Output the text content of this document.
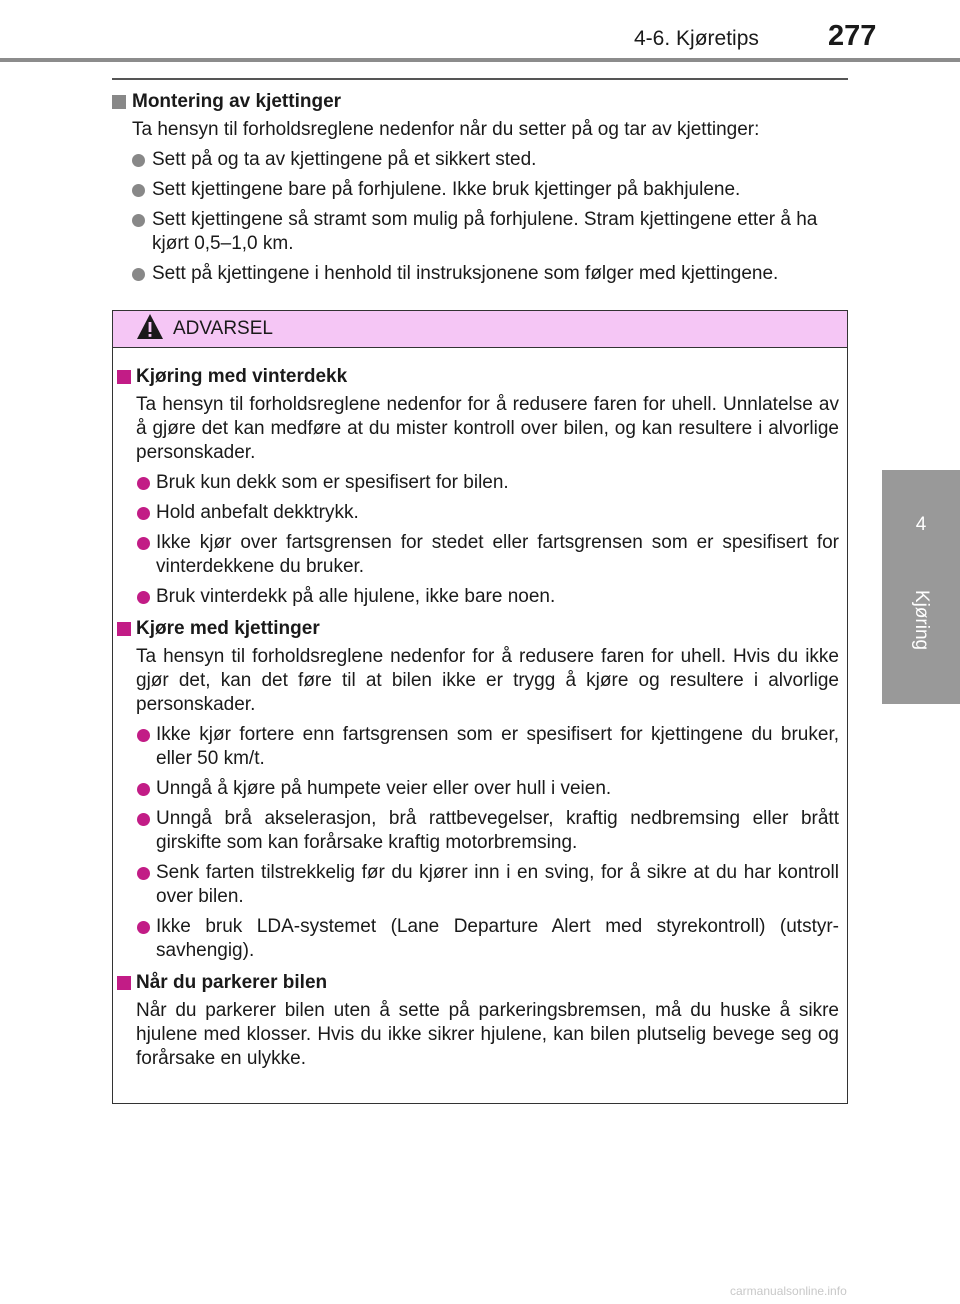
4-6. Kjøretips 277
4
Kjøring
Montering av kjettinger
Ta hensyn til forholdsreglene nedenfor når du setter på og tar av kjettinger:
Sett på og ta av kjettingene på et sikkert sted.
Sett kjettingene bare på forhjulene. Ikke bruk kjettinger på bakhjulene.
Sett kjettingene så stramt som mulig på forhjulene. Stram kjettingene etter å ha kjørt 0,5–1,0 km.
Sett på kjettingene i henhold til instruksjonene som følger med kjettingene.
ADVARSEL
Kjøring med vinterdekk
Ta hensyn til forholdsreglene nedenfor for å redusere faren for uhell. Unnlatelse av å gjøre det kan medføre at du mister kontroll over bilen, og kan resultere i alvorlige personskader.
Bruk kun dekk som er spesifisert for bilen.
Hold anbefalt dekktrykk.
Ikke kjør over fartsgrensen for stedet eller fartsgrensen som er spesifisert for vinterdekkene du bruker.
Bruk vinterdekk på alle hjulene, ikke bare noen.
Kjøre med kjettinger
Ta hensyn til forholdsreglene nedenfor for å redusere faren for uhell. Hvis du ikke gjør det, kan det føre til at bilen ikke er trygg å kjøre og resultere i alvorlige personskader.
Ikke kjør fortere enn fartsgrensen som er spesifisert for kjettingene du bruker, eller 50 km/t.
Unngå å kjøre på humpete veier eller over hull i veien.
Unngå brå akselerasjon, brå rattbevegelser, kraftig nedbremsing eller brått girskifte som kan forårsake kraftig motorbremsing.
Senk farten tilstrekkelig før du kjører inn i en sving, for å sikre at du har kontroll over bilen.
Ikke bruk LDA-systemet (Lane Departure Alert med styrekontroll) (utstyr-savhengig).
Når du parkerer bilen
Når du parkerer bilen uten å sette på parkeringsbremsen, må du huske å sikre hjulene med klosser. Hvis du ikke sikrer hjulene, kan bilen plutselig bevege seg og forårsake en ulykke.
carmanualsonline.info
